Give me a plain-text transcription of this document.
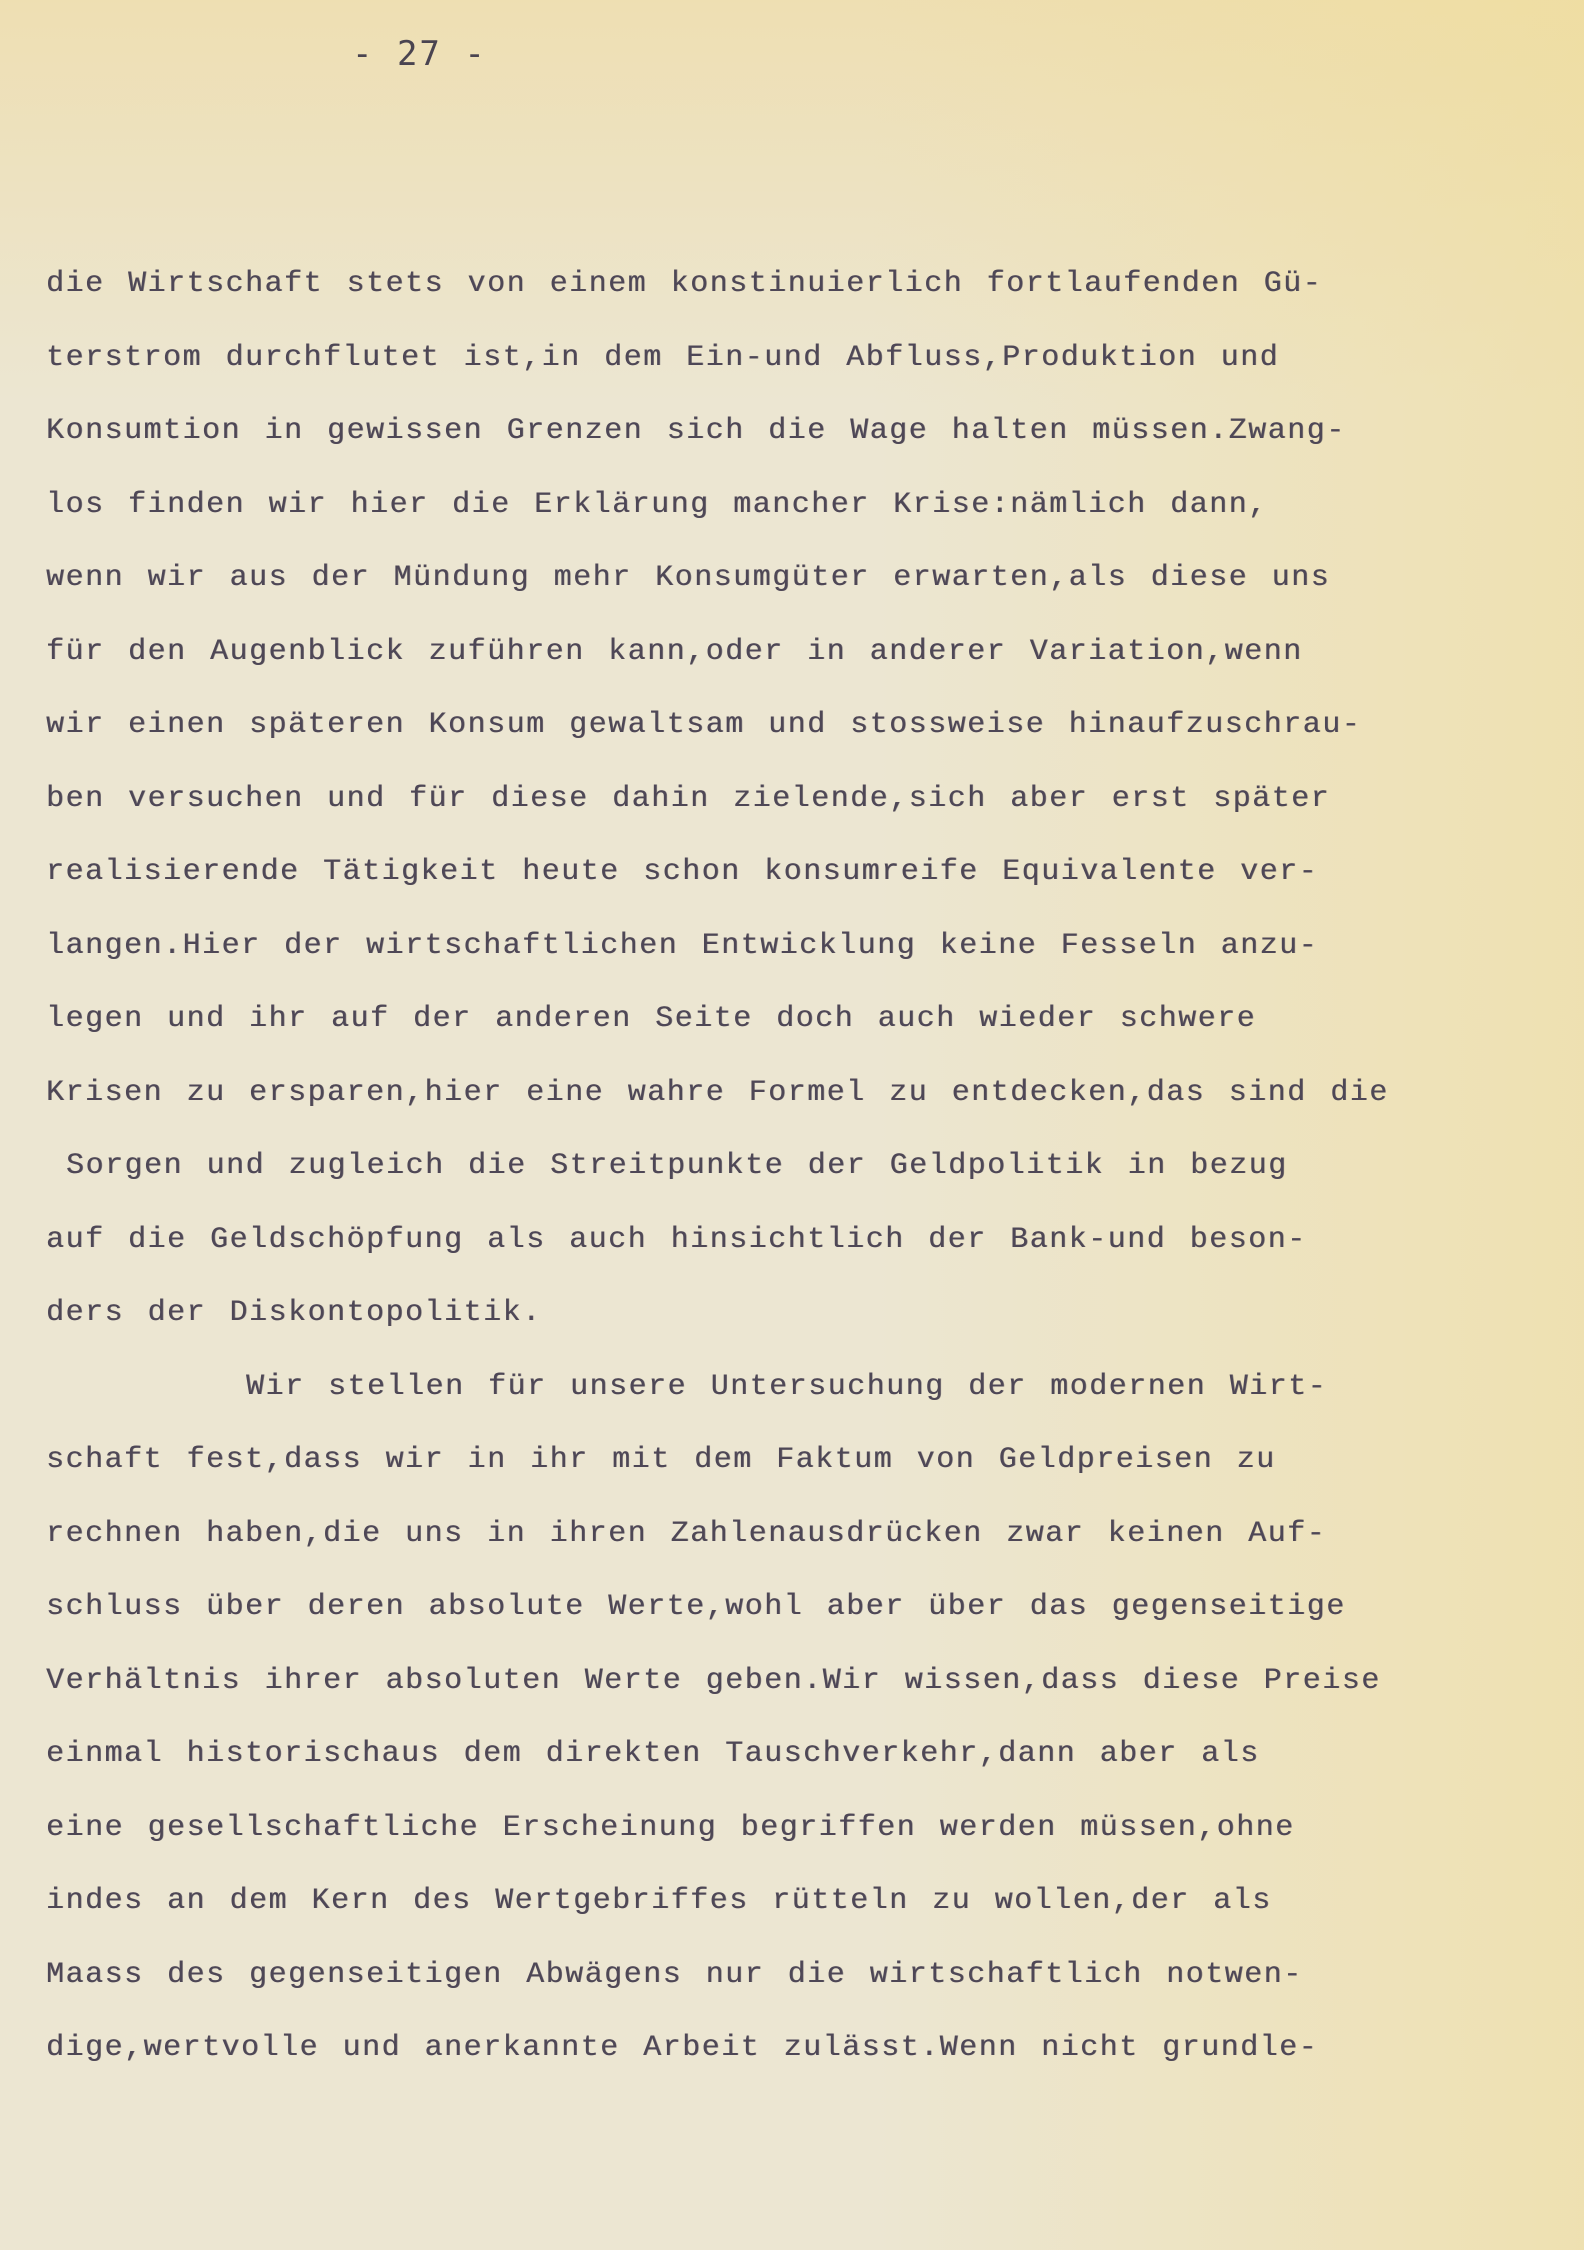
- 27 -
die Wirtschaft stets von einem konstinuierlich fortlaufenden Gü-
terstrom durchflutet ist,in dem Ein-und Abfluss,Produktion und
Konsumtion in gewissen Grenzen sich die Wage halten müssen.Zwang-
los finden wir hier die Erklärung mancher Krise:nämlich dann,
wenn wir aus der Mündung mehr Konsumgüter erwarten,als diese uns
für den Augenblick zuführen kann,oder in anderer Variation,wenn
wir einen späteren Konsum gewaltsam und stossweise hinaufzuschrau-
ben versuchen und für diese dahin zielende,sich aber erst später
realisierende Tätigkeit heute schon konsumreife Equivalente ver-
langen.Hier der wirtschaftlichen Entwicklung keine Fesseln anzu-
legen und ihr auf der anderen Seite doch auch wieder schwere
Krisen zu ersparen,hier eine wahre Formel zu entdecken,das sind die
Sorgen und zugleich die Streitpunkte der Geldpolitik in bezug
auf die Geldschöpfung als auch hinsichtlich der Bank-und beson-
ders der Diskontopolitik.
Wir stellen für unsere Untersuchung der modernen Wirt-
schaft fest,dass wir in ihr mit dem Faktum von Geldpreisen zu
rechnen haben,die uns in ihren Zahlenausdrücken zwar keinen Auf-
schluss über deren absolute Werte,wohl aber über das gegenseitige
Verhältnis ihrer absoluten Werte geben.Wir wissen,dass diese Preise
einmal historischaus dem direkten Tauschverkehr,dann aber als
eine gesellschaftliche Erscheinung begriffen werden müssen,ohne
indes an dem Kern des Wertgebriffes rütteln zu wollen,der als
Maass des gegenseitigen Abwägens nur die wirtschaftlich notwen-
dige,wertvolle und anerkannte Arbeit zulässt.Wenn nicht grundle-
